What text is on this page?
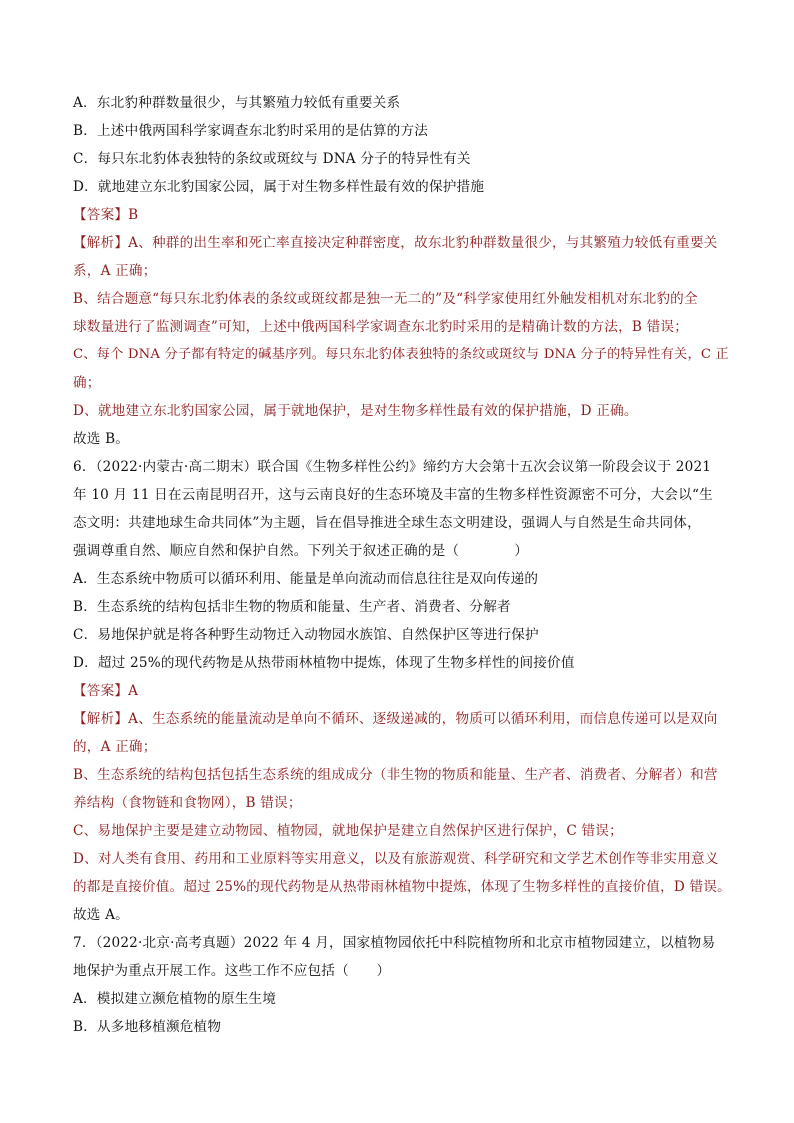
A．东北豹种群数量很少，与其繁殖力较低有重要关系
B．上述中俄两国科学家调查东北豹时采用的是估算的方法
C．每只东北豹体表独特的条纹或斑纹与 DNA 分子的特异性有关
D．就地建立东北豹国家公园，属于对生物多样性最有效的保护措施
【答案】B
【解析】A、种群的出生率和死亡率直接决定种群密度，故东北豹种群数量很少，与其繁殖力较低有重要关
系，A 正确；
B、结合题意“每只东北豹体表的条纹或斑纹都是独一无二的”及“科学家使用红外触发相机对东北豹的全
球数量进行了监测调查”可知，上述中俄两国科学家调查东北豹时采用的是精确计数的方法，B 错误；
C、每个 DNA 分子都有特定的碱基序列。每只东北豹体表独特的条纹或斑纹与 DNA 分子的特异性有关，C 正
确；
D、就地建立东北豹国家公园，属于就地保护，是对生物多样性最有效的保护措施，D 正确。
故选 B。
6．（2022·内蒙古·高二期末）联合国《生物多样性公约》缔约方大会第十五次会议第一阶段会议于 2021
年 10 月 11 日在云南昆明召开，这与云南良好的生态环境及丰富的生物多样性资源密不可分，大会以“生
态文明：共建地球生命共同体”为主题，旨在倡导推进全球生态文明建设，强调人与自然是生命共同体，
强调尊重自然、顺应自然和保护自然。下列关于叙述正确的是（　　　　）
A．生态系统中物质可以循环利用、能量是单向流动而信息往往是双向传递的
B．生态系统的结构包括非生物的物质和能量、生产者、消费者、分解者
C．易地保护就是将各种野生动物迁入动物园水族馆、自然保护区等进行保护
D．超过 25%的现代药物是从热带雨林植物中提炼，体现了生物多样性的间接价值
【答案】A
【解析】A、生态系统的能量流动是单向不循环、逐级递减的，物质可以循环利用，而信息传递可以是双向
的，A 正确；
B、生态系统的结构包括包括生态系统的组成成分（非生物的物质和能量、生产者、消费者、分解者）和营
养结构（食物链和食物网），B 错误；
C、易地保护主要是建立动物园、植物园，就地保护是建立自然保护区进行保护，C 错误；
D、对人类有食用、药用和工业原料等实用意义，以及有旅游观赏、科学研究和文学艺术创作等非实用意义
的都是直接价值。超过 25%的现代药物是从热带雨林植物中提炼，体现了生物多样性的直接价值，D 错误。
故选 A。
7．（2022·北京·高考真题）2022 年 4 月，国家植物园依托中科院植物所和北京市植物园建立，以植物易
地保护为重点开展工作。这些工作不应包括（　　）
A．模拟建立濒危植物的原生生境
B．从多地移植濒危植物
